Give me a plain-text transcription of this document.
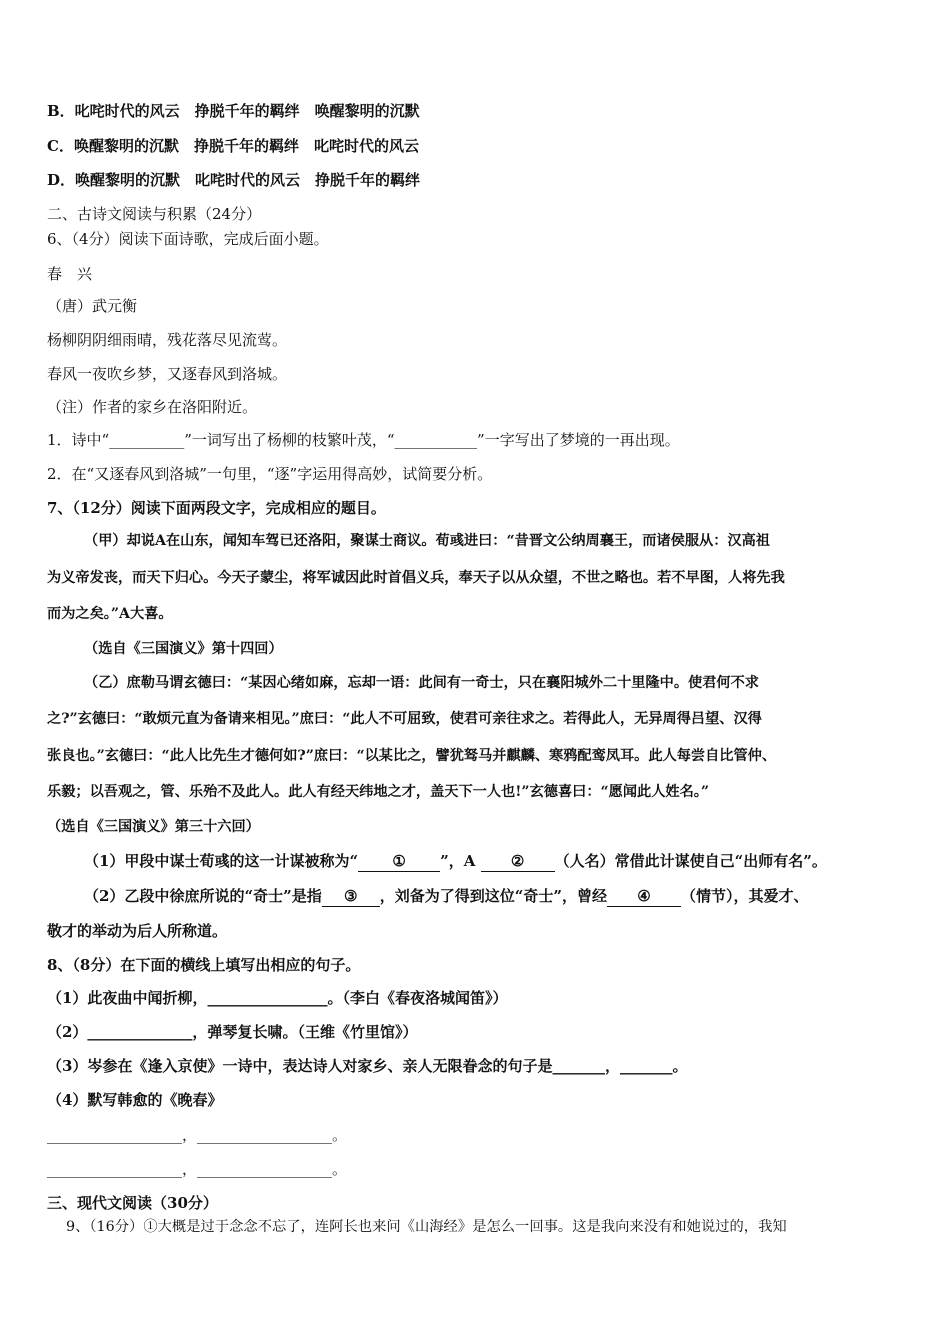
B．叱咤时代的风云　挣脱千年的羁绊　唤醒黎明的沉默
C．唤醒黎明的沉默　挣脱千年的羁绊　叱咤时代的风云
D．唤醒黎明的沉默　叱咤时代的风云　挣脱千年的羁绊
二、古诗文阅读与积累（24分）
6、（4分）阅读下面诗歌，完成后面小题。
春　兴
（唐）武元衡
杨柳阴阴细雨晴，残花落尽见流莺。
春风一夜吹乡梦，又逐春风到洛城。
（注）作者的家乡在洛阳附近。
1．诗中“__________”一词写出了杨柳的枝繁叶茂，“___________”一字写出了梦境的一再出现。
2．在“又逐春风到洛城”一句里，“逐”字运用得高妙，试简要分析。
7、（12分）阅读下面两段文字，完成相应的题目。
（甲）却说A在山东，闻知车驾已还洛阳，聚谋士商议。荀彧进曰：“昔晋文公纳周襄王，而诸侯服从：汉高祖
为义帝发丧，而天下归心。今天子蒙尘，将军诚因此时首倡义兵，奉天子以从众望，不世之略也。若不早图，人将先我
而为之矣。”A大喜。
（选自《三国演义》第十四回）
（乙）庶勒马谓玄德曰：“某因心绪如麻，忘却一语：此间有一奇士，只在襄阳城外二十里隆中。使君何不求
之?”玄德曰：“敢烦元直为备请来相见。”庶曰：“此人不可屈致，使君可亲往求之。若得此人，无异周得吕望、汉得
张良也。”玄德曰：“此人比先生才德何如?”庶曰：“以某比之，譬犹驽马并麒麟、寒鸦配鸾凤耳。此人每尝自比管仲、
乐毅；以吾观之，管、乐殆不及此人。此人有经天纬地之才，盖天下一人也!”玄德喜曰：“愿闻此人姓名。”
（选自《三国演义》第三十六回）
（1）甲段中谋士荀彧的这一计谋被称为“ ① ”，A ② （人名）常借此计谋使自己“出师有名”。
（2）乙段中徐庶所说的“奇士”是指 ③ ，刘备为了得到这位“奇士”，曾经 ④ （情节），其爱才、
敬才的举动为后人所称道。
8、（8分）在下面的横线上填写出相应的句子。
（1）此夜曲中闻折柳，________________。（李白《春夜洛城闻笛》）
（2）______________，弹琴复长啸。（王维《竹里馆》）
（3）岑参在《逢入京使》一诗中，表达诗人对家乡、亲人无限眷念的句子是_______，_______。
（4）默写韩愈的《晚春》
__________________，__________________。
__________________，__________________。
三、现代文阅读（30分）
9、（16分）①大概是过于念念不忘了，连阿长也来问《山海经》是怎么一回事。这是我向来没有和她说过的，我知
